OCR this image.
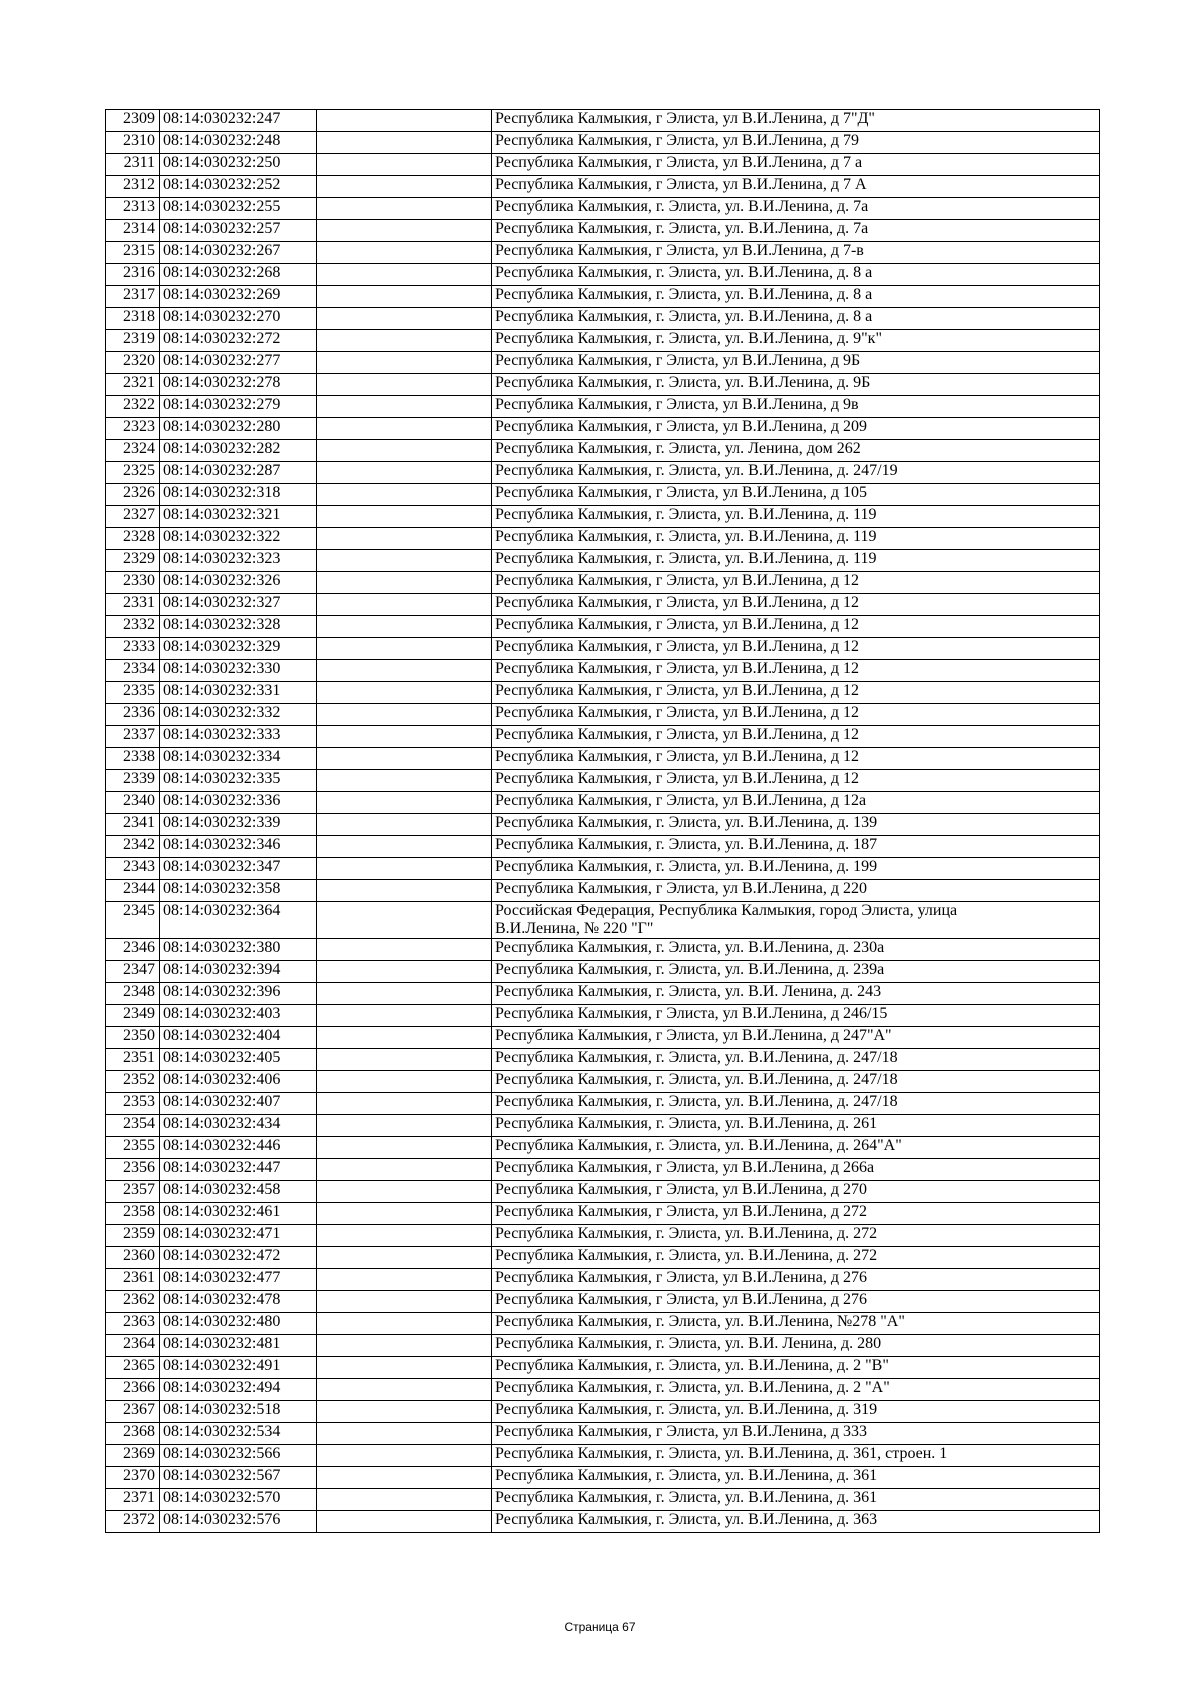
2309	08:14:030232:247		Республика Калмыкия, г Элиста, ул В.И.Ленина, д 7"Д"
2310	08:14:030232:248		Республика Калмыкия, г Элиста, ул В.И.Ленина, д 79
2311	08:14:030232:250		Республика Калмыкия, г Элиста, ул В.И.Ленина, д 7 а
2312	08:14:030232:252		Республика Калмыкия, г Элиста, ул В.И.Ленина, д 7 А
2313	08:14:030232:255		Республика Калмыкия, г. Элиста, ул. В.И.Ленина, д. 7а
2314	08:14:030232:257		Республика Калмыкия, г. Элиста, ул. В.И.Ленина, д. 7а
2315	08:14:030232:267		Республика Калмыкия, г Элиста, ул В.И.Ленина, д 7-в
2316	08:14:030232:268		Республика Калмыкия, г. Элиста, ул. В.И.Ленина, д. 8 а
2317	08:14:030232:269		Республика Калмыкия, г. Элиста, ул. В.И.Ленина, д. 8 а
2318	08:14:030232:270		Республика Калмыкия, г. Элиста, ул. В.И.Ленина, д. 8 а
2319	08:14:030232:272		Республика Калмыкия, г. Элиста, ул. В.И.Ленина, д. 9"к"
2320	08:14:030232:277		Республика Калмыкия, г Элиста, ул В.И.Ленина, д 9Б
2321	08:14:030232:278		Республика Калмыкия, г. Элиста, ул. В.И.Ленина, д. 9Б
2322	08:14:030232:279		Республика Калмыкия, г Элиста, ул В.И.Ленина, д 9в
2323	08:14:030232:280		Республика Калмыкия, г Элиста, ул В.И.Ленина, д 209
2324	08:14:030232:282		Республика Калмыкия, г. Элиста, ул. Ленина, дом 262
2325	08:14:030232:287		Республика Калмыкия, г. Элиста, ул. В.И.Ленина, д. 247/19
2326	08:14:030232:318		Республика Калмыкия, г Элиста, ул В.И.Ленина, д 105
2327	08:14:030232:321		Республика Калмыкия, г. Элиста, ул. В.И.Ленина, д. 119
2328	08:14:030232:322		Республика Калмыкия, г. Элиста, ул. В.И.Ленина, д. 119
2329	08:14:030232:323		Республика Калмыкия, г. Элиста, ул. В.И.Ленина, д. 119
2330	08:14:030232:326		Республика Калмыкия, г Элиста, ул В.И.Ленина, д 12
2331	08:14:030232:327		Республика Калмыкия, г Элиста, ул В.И.Ленина, д 12
2332	08:14:030232:328		Республика Калмыкия, г Элиста, ул В.И.Ленина, д 12
2333	08:14:030232:329		Республика Калмыкия, г Элиста, ул В.И.Ленина, д 12
2334	08:14:030232:330		Республика Калмыкия, г Элиста, ул В.И.Ленина, д 12
2335	08:14:030232:331		Республика Калмыкия, г Элиста, ул В.И.Ленина, д 12
2336	08:14:030232:332		Республика Калмыкия, г Элиста, ул В.И.Ленина, д 12
2337	08:14:030232:333		Республика Калмыкия, г Элиста, ул В.И.Ленина, д 12
2338	08:14:030232:334		Республика Калмыкия, г Элиста, ул В.И.Ленина, д 12
2339	08:14:030232:335		Республика Калмыкия, г Элиста, ул В.И.Ленина, д 12
2340	08:14:030232:336		Республика Калмыкия, г Элиста, ул В.И.Ленина, д 12а
2341	08:14:030232:339		Республика Калмыкия, г. Элиста, ул. В.И.Ленина, д. 139
2342	08:14:030232:346		Республика Калмыкия, г. Элиста, ул. В.И.Ленина, д. 187
2343	08:14:030232:347		Республика Калмыкия, г. Элиста, ул. В.И.Ленина, д. 199
2344	08:14:030232:358		Республика Калмыкия, г Элиста, ул В.И.Ленина, д 220
2345	08:14:030232:364		Российская Федерация, Республика Калмыкия, город Элиста, улица
В.И.Ленина, № 220 "Г"

2346	08:14:030232:380		Республика Калмыкия, г. Элиста, ул. В.И.Ленина, д. 230а
2347	08:14:030232:394		Республика Калмыкия, г. Элиста, ул. В.И.Ленина, д. 239а
2348	08:14:030232:396		Республика Калмыкия, г. Элиста, ул. В.И. Ленина, д. 243
2349	08:14:030232:403		Республика Калмыкия, г Элиста, ул В.И.Ленина, д 246/15
2350	08:14:030232:404		Республика Калмыкия, г Элиста, ул В.И.Ленина, д 247"А"
2351	08:14:030232:405		Республика Калмыкия, г. Элиста, ул. В.И.Ленина, д. 247/18
2352	08:14:030232:406		Республика Калмыкия, г. Элиста, ул. В.И.Ленина, д. 247/18
2353	08:14:030232:407		Республика Калмыкия, г. Элиста, ул. В.И.Ленина, д. 247/18
2354	08:14:030232:434		Республика Калмыкия, г. Элиста, ул. В.И.Ленина, д. 261
2355	08:14:030232:446		Республика Калмыкия, г. Элиста, ул. В.И.Ленина, д. 264"А"
2356	08:14:030232:447		Республика Калмыкия, г Элиста, ул В.И.Ленина, д 266а
2357	08:14:030232:458		Республика Калмыкия, г Элиста, ул В.И.Ленина, д 270
2358	08:14:030232:461		Республика Калмыкия, г Элиста, ул В.И.Ленина, д 272
2359	08:14:030232:471		Республика Калмыкия, г. Элиста, ул. В.И.Ленина, д. 272
2360	08:14:030232:472		Республика Калмыкия, г. Элиста, ул. В.И.Ленина, д. 272
2361	08:14:030232:477		Республика Калмыкия, г Элиста, ул В.И.Ленина, д 276
2362	08:14:030232:478		Республика Калмыкия, г Элиста, ул В.И.Ленина, д 276
2363	08:14:030232:480		Республика Калмыкия, г. Элиста, ул. В.И.Ленина, №278 "А"
2364	08:14:030232:481		Республика Калмыкия, г. Элиста, ул. В.И. Ленина, д. 280
2365	08:14:030232:491		Республика Калмыкия, г. Элиста, ул. В.И.Ленина, д. 2 "В"
2366	08:14:030232:494		Республика Калмыкия, г. Элиста, ул. В.И.Ленина, д. 2 "А"
2367	08:14:030232:518		Республика Калмыкия, г. Элиста, ул. В.И.Ленина, д. 319
2368	08:14:030232:534		Республика Калмыкия, г Элиста, ул В.И.Ленина, д 333
2369	08:14:030232:566		Республика Калмыкия, г. Элиста, ул. В.И.Ленина, д. 361, строен. 1
2370	08:14:030232:567		Республика Калмыкия, г. Элиста, ул. В.И.Ленина, д. 361
2371	08:14:030232:570		Республика Калмыкия, г. Элиста, ул. В.И.Ленина, д. 361
2372	08:14:030232:576		Республика Калмыкия, г. Элиста, ул. В.И.Ленина, д. 363
Страница 67
